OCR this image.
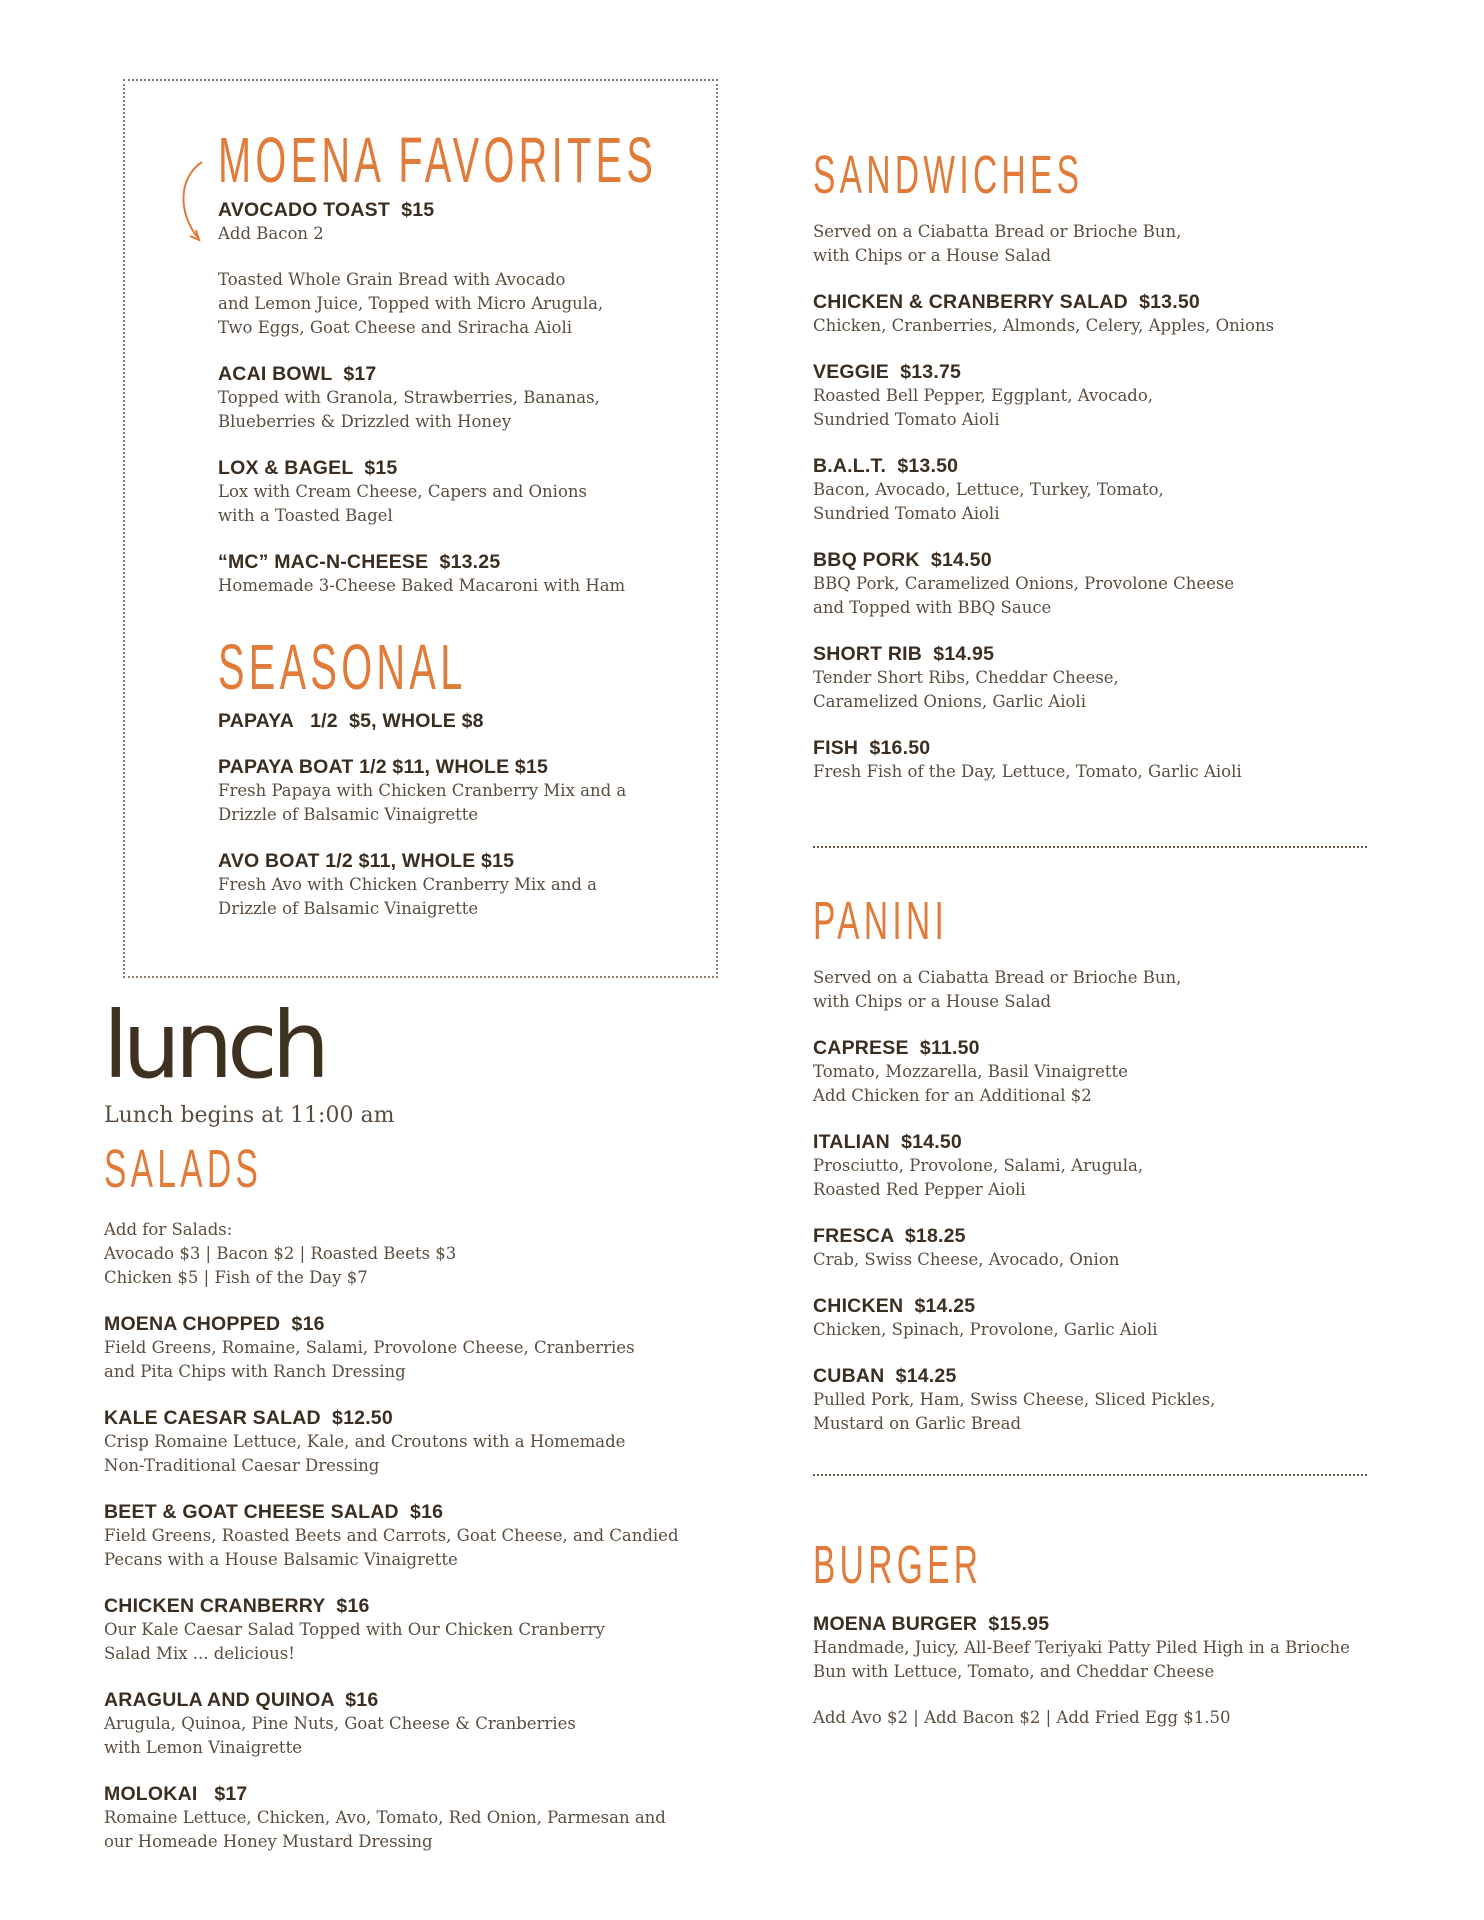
MOENA FAVORITES
AVOCADO TOAST  $15
Add Bacon 2
Toasted Whole Grain Bread with Avocado
and Lemon Juice, Topped with Micro Arugula,
Two Eggs, Goat Cheese and Sriracha Aioli
ACAI BOWL  $17
Topped with Granola, Strawberries, Bananas,
Blueberries & Drizzled with Honey
LOX & BAGEL  $15
Lox with Cream Cheese, Capers and Onions
with a Toasted Bagel
“MC” MAC-N-CHEESE  $13.25
Homemade 3-Cheese Baked Macaroni with Ham
SEASONAL
PAPAYA   1/2  $5, WHOLE $8
PAPAYA BOAT 1/2 $11, WHOLE $15
Fresh Papaya with Chicken Cranberry Mix and a
Drizzle of Balsamic Vinaigrette
AVO BOAT 1/2 $11, WHOLE $15
Fresh Avo with Chicken Cranberry Mix and a
Drizzle of Balsamic Vinaigrette
lunch
Lunch begins at 11:00 am
SALADS
Add for Salads:
Avocado $3 | Bacon $2 | Roasted Beets $3
Chicken $5 | Fish of the Day $7
MOENA CHOPPED  $16
Field Greens, Romaine, Salami, Provolone Cheese, Cranberries
and Pita Chips with Ranch Dressing
KALE CAESAR SALAD  $12.50
Crisp Romaine Lettuce, Kale, and Croutons with a Homemade
Non-Traditional Caesar Dressing
BEET & GOAT CHEESE SALAD  $16
Field Greens, Roasted Beets and Carrots, Goat Cheese, and Candied
Pecans with a House Balsamic Vinaigrette
CHICKEN CRANBERRY  $16
Our Kale Caesar Salad Topped with Our Chicken Cranberry
Salad Mix ... delicious!
ARAGULA AND QUINOA  $16
Arugula, Quinoa, Pine Nuts, Goat Cheese & Cranberries
with Lemon Vinaigrette
MOLOKAI   $17
Romaine Lettuce, Chicken, Avo, Tomato, Red Onion, Parmesan and
our Homeade Honey Mustard Dressing
SANDWICHES
Served on a Ciabatta Bread or Brioche Bun,
with Chips or a House Salad
CHICKEN & CRANBERRY SALAD  $13.50
Chicken, Cranberries, Almonds, Celery, Apples, Onions
VEGGIE  $13.75
Roasted Bell Pepper, Eggplant, Avocado,
Sundried Tomato Aioli
B.A.L.T.  $13.50
Bacon, Avocado, Lettuce, Turkey, Tomato,
Sundried Tomato Aioli
BBQ PORK  $14.50
BBQ Pork, Caramelized Onions, Provolone Cheese
and Topped with BBQ Sauce
SHORT RIB  $14.95
Tender Short Ribs, Cheddar Cheese,
Caramelized Onions, Garlic Aioli
FISH  $16.50
Fresh Fish of the Day, Lettuce, Tomato, Garlic Aioli
PANINI
Served on a Ciabatta Bread or Brioche Bun,
with Chips or a House Salad
CAPRESE  $11.50
Tomato, Mozzarella, Basil Vinaigrette
Add Chicken for an Additional $2
ITALIAN  $14.50
Prosciutto, Provolone, Salami, Arugula,
Roasted Red Pepper Aioli
FRESCA  $18.25
Crab, Swiss Cheese, Avocado, Onion
CHICKEN  $14.25
Chicken, Spinach, Provolone, Garlic Aioli
CUBAN  $14.25
Pulled Pork, Ham, Swiss Cheese, Sliced Pickles,
Mustard on Garlic Bread
BURGER
MOENA BURGER  $15.95
Handmade, Juicy, All-Beef Teriyaki Patty Piled High in a Brioche
Bun with Lettuce, Tomato, and Cheddar Cheese
Add Avo $2 | Add Bacon $2 | Add Fried Egg $1.50
